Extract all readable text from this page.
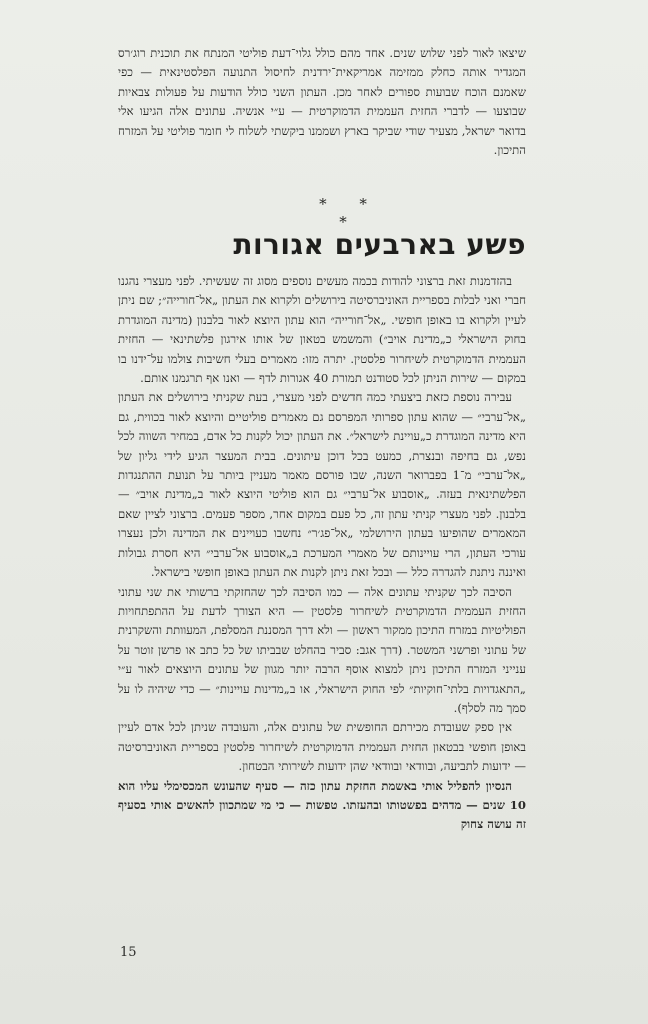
שיצאו לאור לפני שלוש שנים. אחד מהם כולל גלוי־דעת פוליטי המנתח את תוכנית רוג׳רס המגדיר אותה כחלק ממזימה אמריקאית־ירדנית לחיסול התנועה הפלסטינאית — כפי שאמנם הוכח שבועות ספורים לאחר מכן. העתון השני כולל הודעות על פעולות צבאיות שבוצעו — לדברי החזית העממית הדמוקרטית — ע״י אנשיה. עתונים אלה הגיעו אלי בדואר ישראל, מצעיר שודי שביקר בארץ ושממנו ביקשתי לשלוח לי חומר פוליטי על המזרח התיכון.

* * *
פשע בארבעים אגורות

בהזדמנות זאת ברצוני להודות בכמה מעשים נוספים מסוג זה שעשיתי. לפני מעצרי נהגנו חברי ואני לבלות בספריית האוניברסיטה בירושלים ולקרוא את העתון „אל־חורייה״; שם ניתן לעיין ולקרוא בו באופן חופשי. „אל־חורייה״ הוא עתון היוצא לאור בלבנון (מדינה המוגדרת בחוק הישראלי כ„מדינת אויב״) והמשמש בטאון של אותו אירגון פלשתינאי — החזית העממית הדמוקרטית לשיחרור פלסטין. יתרה מזו: מאמרים בעלי חשיבות צולמו על־ידנו בו במקום — שירות הניתן לכל סטודנט תמורת 40 אגורות לדף — ואנו אף תרגמנו אותם.

עבירה נוספת כזאת ביצעתי כמה חדשים לפני מעצרי, בעת שקניתי בירושלים את העתון „אל־ערבי״ — שהוא עתון ספרותי המפרסם גם מאמרים פוליטיים והיוצא לאור בכווית, גם היא מדינה המוגדרת כ„עויינת לישראל״. את העתון יכול לקנות כל אדם, במחיר השווה לכל נפש, גם בחיפה ובנצרת, כמעט בכל דוכן עיתונים. בבית המעצר הגיע לידי גליון של „אל־ערבי״ מ־1 בפברואר השנה, שבו פורסם מאמר מעניין ביותר על תנועת ההתנגדות הפלשתינאית בעזה. „אוסבוע אל־ערבי״ גם הוא פוליטי היוצא לאור ב„מדינת אויב״ — בלבנון. לפני מעצרי קניתי עתון זה, כל פעם במקום אחר, מספר פעמים. ברצוני לציין שאם המאמרים שהופיעו בעתון הירושלמי „אל־פג׳ר״ נחשבו כעויינים את המדינה ולכן נעצרו עורכי העתון, הרי עויינותם של מאמרי המערכת ב„אוסבוע אל־ערבי״ היא חסרת גבולות ואיננה ניתנת להגדרה כלל — ובכל זאת ניתן לקנות את העתון באופן חופשי בישראל.

הסיבה לכך שקניתי עתונים אלה — כמו הסיבה לכך שהחזקתי ברשותי את שני עתוני החזית העממית הדמוקרטית לשיחרור פלסטין — היא הצורך לדעת על ההתפתחויות הפוליטיות במזרח התיכון ממקור ראשון — ולא דרך המסננת המסלפת, המעוותת והשקרנית של עתוני ופרשני המשטר. (דרך אגב: סביר בהחלט שבביתו של כל כתב או פרשן זוטר על ענייני המזרח התיכון ניתן למצוא אוסף הרבה יותר מגוון של עתונים היוצאים לאור ע״י „התאגדויות בלתי־חוקיות״ לפי החוק הישראלי, או ב„מדינות עויינות״ — כדי שיהיה לו על סמך מה לסלף).

אין ספק שעובדת מכירתם החופשית של עתונים אלה, והעובדה שניתן לכל אדם לעיין באופן חופשי בבטאון החזית העממית הדמוקרטית לשיחרור פלסטין בספריית האוניברסיטה — ידועות לתביעה, ובוודאי ובוודאי שהן ידועות לשירותי הבטחון.

הנסיון להפליל אותי באשמת החזקת עתון כזה — סעיף שהעונש המכסימלי עליו הוא 10 שנים — מדהים בפשטותו ובהעזתו. טפשות — כי מי שמתכוון להאשים אותי בסעיף זה עושה צחוק

15
